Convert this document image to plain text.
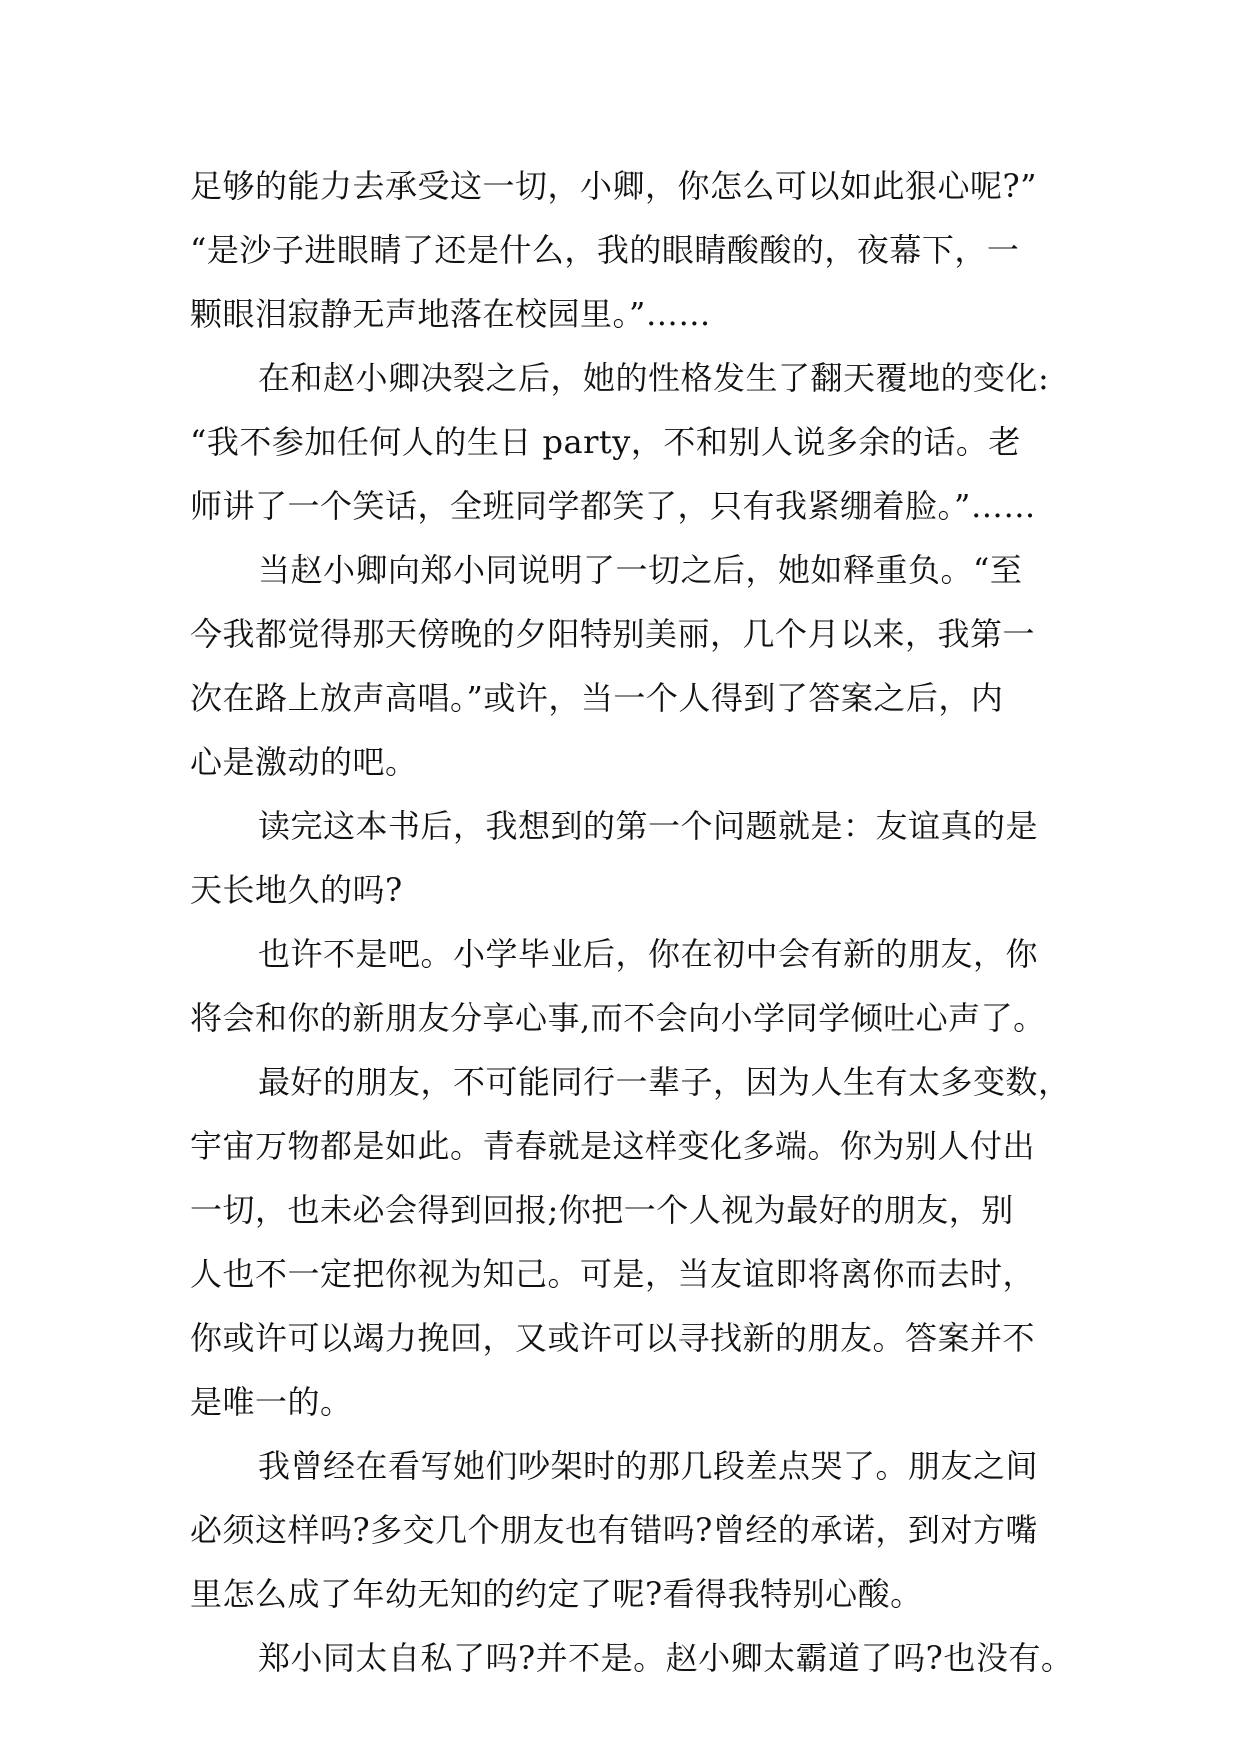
足够的能力去承受这一切，小卿，你怎么可以如此狠心呢?”
“是沙子进眼睛了还是什么，我的眼睛酸酸的，夜幕下，一
颗眼泪寂静无声地落在校园里。”……
在和赵小卿决裂之后，她的性格发生了翻天覆地的变化:
“我不参加任何人的生日 party，不和别人说多余的话。老
师讲了一个笑话，全班同学都笑了，只有我紧绷着脸。”……
当赵小卿向郑小同说明了一切之后，她如释重负。“至
今我都觉得那天傍晚的夕阳特别美丽，几个月以来，我第一
次在路上放声高唱。”或许，当一个人得到了答案之后，内
心是激动的吧。
读完这本书后，我想到的第一个问题就是：友谊真的是
天长地久的吗?
也许不是吧。小学毕业后，你在初中会有新的朋友，你
将会和你的新朋友分享心事,而不会向小学同学倾吐心声了。
最好的朋友，不可能同行一辈子，因为人生有太多变数，
宇宙万物都是如此。青春就是这样变化多端。你为别人付出
一切，也未必会得到回报;你把一个人视为最好的朋友，别
人也不一定把你视为知己。可是，当友谊即将离你而去时，
你或许可以竭力挽回，又或许可以寻找新的朋友。答案并不
是唯一的。
我曾经在看写她们吵架时的那几段差点哭了。朋友之间
必须这样吗?多交几个朋友也有错吗?曾经的承诺，到对方嘴
里怎么成了年幼无知的约定了呢?看得我特别心酸。
郑小同太自私了吗?并不是。赵小卿太霸道了吗?也没有。
